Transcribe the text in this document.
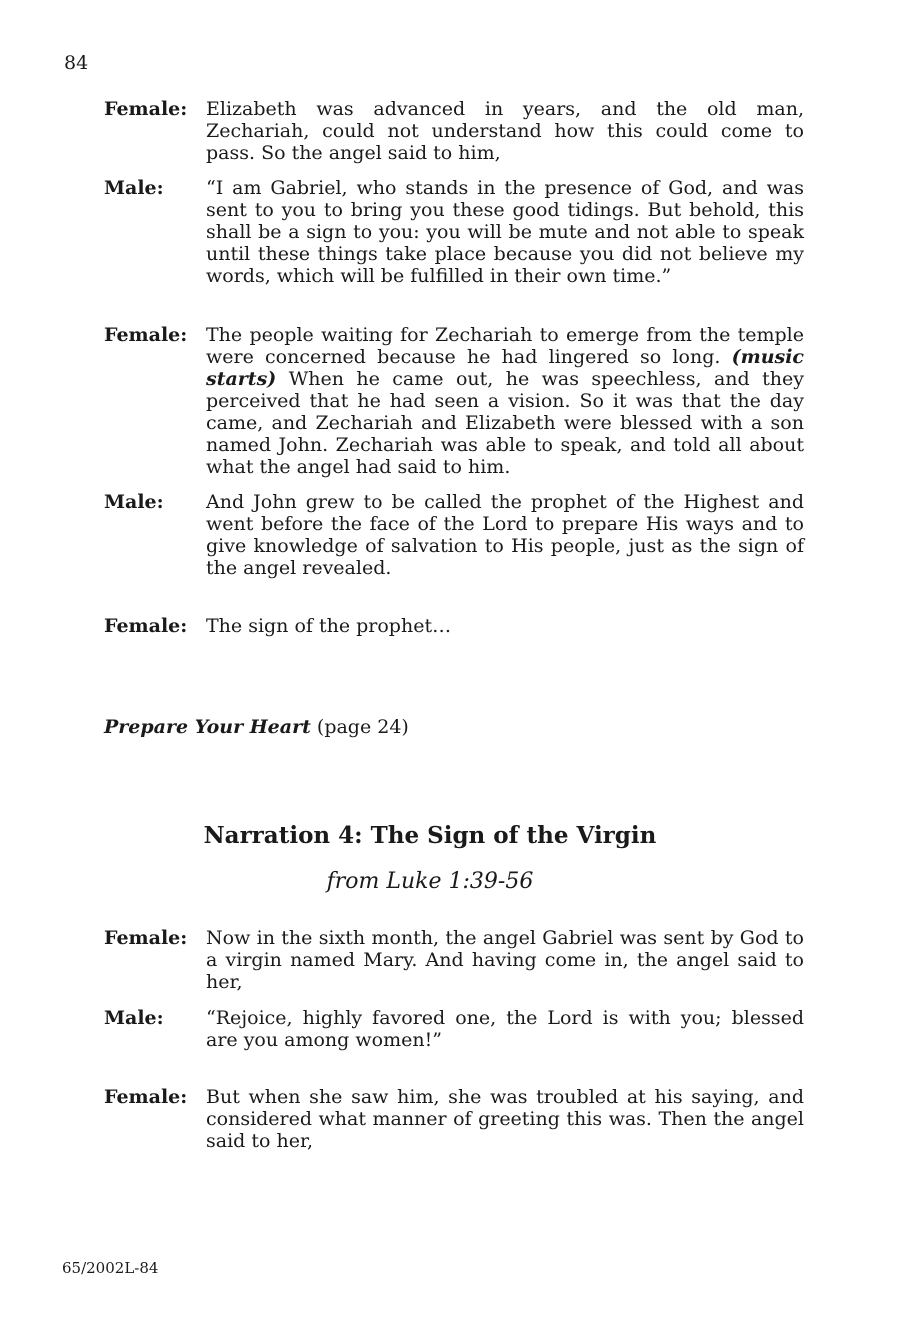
84
Female: Elizabeth was advanced in years, and the old man, Zechariah, could not understand how this could come to pass. So the angel said to him,
Male:	“I am Gabriel, who stands in the presence of God, and was sent to you to bring you these good tidings. But behold, this shall be a sign to you: you will be mute and not able to speak until these things take place because you did not believe my words, which will be fulfilled in their own time.”
Female: The people waiting for Zechariah to emerge from the temple were concerned because he had lingered so long. (music starts) When he came out, he was speechless, and they perceived that he had seen a vision. So it was that the day came, and Zechariah and Elizabeth were blessed with a son named John. Zechariah was able to speak, and told all about what the angel had said to him.
Male:	And John grew to be called the prophet of the Highest and went before the face of the Lord to prepare His ways and to give knowledge of salvation to His people, just as the sign of the angel revealed.
Female: The sign of the prophet…
Prepare Your Heart (page 24)
Narration 4: The Sign of the Virgin
from Luke 1:39-56
Female: Now in the sixth month, the angel Gabriel was sent by God to a virgin named Mary. And having come in, the angel said to her,
Male:	“Rejoice, highly favored one, the Lord is with you; blessed are you among women!”
Female: But when she saw him, she was troubled at his saying, and considered what manner of greeting this was. Then the angel said to her,
65/2002L-84
